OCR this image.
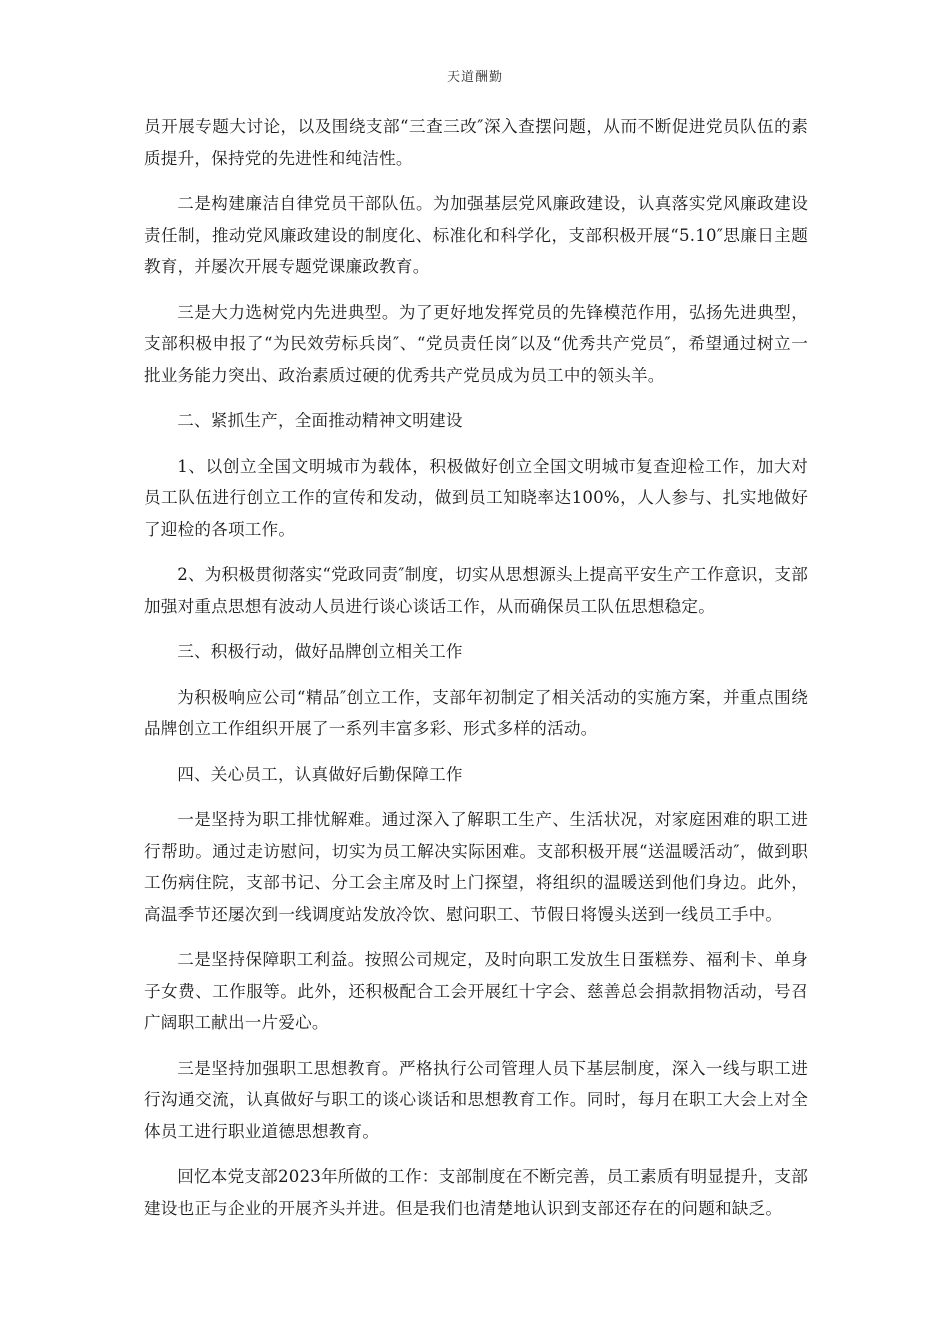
天道酬勤

员开展专题大讨论，以及围绕支部“三查三改″深入查摆问题，从而不断促进党员队伍的素质提升，保持党的先进性和纯洁性。

二是构建廉洁自律党员干部队伍。为加强基层党风廉政建设，认真落实党风廉政建设责任制，推动党风廉政建设的制度化、标准化和科学化，支部积极开展“5.10″思廉日主题教育，并屡次开展专题党课廉政教育。

三是大力选树党内先进典型。为了更好地发挥党员的先锋模范作用，弘扬先进典型，支部积极申报了“为民效劳标兵岗″、“党员责任岗″以及“优秀共产党员″，希望通过树立一批业务能力突出、政治素质过硬的优秀共产党员成为员工中的领头羊。

二、紧抓生产，全面推动精神文明建设

1、以创立全国文明城市为载体，积极做好创立全国文明城市复查迎检工作，加大对员工队伍进行创立工作的宣传和发动，做到员工知晓率达100%，人人参与、扎实地做好了迎检的各项工作。

2、为积极贯彻落实“党政同责″制度，切实从思想源头上提高平安生产工作意识，支部加强对重点思想有波动人员进行谈心谈话工作，从而确保员工队伍思想稳定。

三、积极行动，做好品牌创立相关工作

为积极响应公司“精品″创立工作，支部年初制定了相关活动的实施方案，并重点围绕品牌创立工作组织开展了一系列丰富多彩、形式多样的活动。

四、关心员工，认真做好后勤保障工作

一是坚持为职工排忧解难。通过深入了解职工生产、生活状况，对家庭困难的职工进行帮助。通过走访慰问，切实为员工解决实际困难。支部积极开展“送温暖活动″，做到职工伤病住院，支部书记、分工会主席及时上门探望，将组织的温暖送到他们身边。此外，高温季节还屡次到一线调度站发放冷饮、慰问职工、节假日将馒头送到一线员工手中。

二是坚持保障职工利益。按照公司规定，及时向职工发放生日蛋糕券、福利卡、单身子女费、工作服等。此外，还积极配合工会开展红十字会、慈善总会捐款捐物活动，号召广阔职工献出一片爱心。

三是坚持加强职工思想教育。严格执行公司管理人员下基层制度，深入一线与职工进行沟通交流，认真做好与职工的谈心谈话和思想教育工作。同时，每月在职工大会上对全体员工进行职业道德思想教育。

回忆本党支部2023年所做的工作：支部制度在不断完善，员工素质有明显提升，支部建设也正与企业的开展齐头并进。但是我们也清楚地认识到支部还存在的问题和缺乏。
